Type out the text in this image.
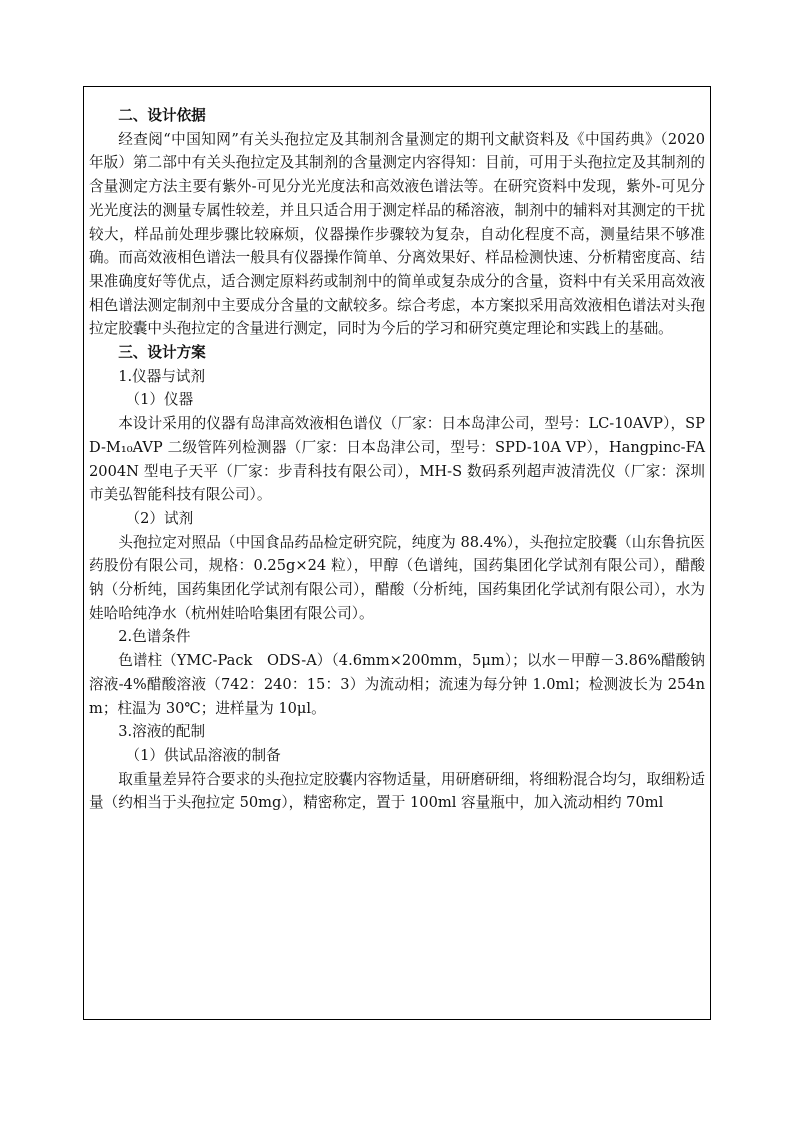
二、设计依据

经查阅“中国知网”有关头孢拉定及其制剂含量测定的期刊文献资料及《中国药典》（2020 年版）第二部中有关头孢拉定及其制剂的含量测定内容得知：目前，可用于头孢拉定及其制剂的含量测定方法主要有紫外-可见分光光度法和高效液色谱法等。在研究资料中发现，紫外-可见分光光度法的测量专属性较差，并且只适合用于测定样品的稀溶液，制剂中的辅料对其测定的干扰较大，样品前处理步骤比较麻烦，仪器操作步骤较为复杂，自动化程度不高，测量结果不够准确。而高效液相色谱法一般具有仪器操作简单、分离效果好、样品检测快速、分析精密度高、结果准确度好等优点，适合测定原料药或制剂中的简单或复杂成分的含量，资料中有关采用高效液相色谱法测定制剂中主要成分含量的文献较多。综合考虑，本方案拟采用高效液相色谱法对头孢拉定胶囊中头孢拉定的含量进行测定，同时为今后的学习和研究奠定理论和实践上的基础。

三、设计方案

1.仪器与试剂

（1）仪器

本设计采用的仪器有岛津高效液相色谱仪（厂家：日本岛津公司，型号：LC-10AVP），SPD-M₁₀AVP 二级管阵列检测器（厂家：日本岛津公司，型号：SPD-10A VP），Hangpinc-FA2004N 型电子天平（厂家：步青科技有限公司），MH-S 数码系列超声波清洗仪（厂家：深圳市美弘智能科技有限公司）。

（2）试剂

头孢拉定对照品（中国食品药品检定研究院，纯度为 88.4%），头孢拉定胶囊（山东鲁抗医药股份有限公司，规格：0.25g×24 粒），甲醇（色谱纯，国药集团化学试剂有限公司），醋酸钠（分析纯，国药集团化学试剂有限公司），醋酸（分析纯，国药集团化学试剂有限公司），水为娃哈哈纯净水（杭州娃哈哈集团有限公司）。

2.色谱条件

色谱柱（YMC-Pack　ODS-A）（4.6mm×200mm，5μm）；以水－甲醇－3.86%醋酸钠溶液-4%醋酸溶液（742：240：15：3）为流动相；流速为每分钟 1.0ml；检测波长为 254nm；柱温为 30℃；进样量为 10μl。

3.溶液的配制

（1）供试品溶液的制备

取重量差异符合要求的头孢拉定胶囊内容物适量，用研磨研细，将细粉混合均匀，取细粉适量（约相当于头孢拉定 50mg），精密称定，置于 100ml 容量瓶中，加入流动相约 70ml
